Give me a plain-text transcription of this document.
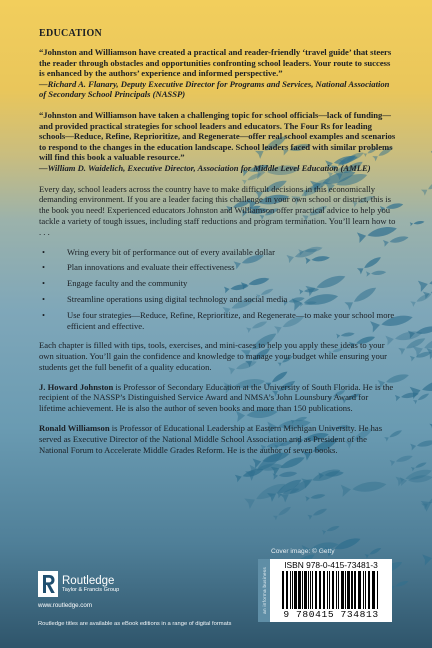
EDUCATION
“Johnston and Williamson have created a practical and reader-friendly ‘travel guide’ that steers the reader through obstacles and opportunities confronting school leaders. Your route to success is enhanced by the authors’ experience and informed perspective.”
—Richard A. Flanary, Deputy Executive Director for Programs and Services, National Association of Secondary School Principals (NASSP)
“Johnston and Williamson have taken a challenging topic for school officials—lack of funding—and provided practical strategies for school leaders and educators. The Four Rs for leading schools—Reduce, Refine, Reprioritize, and Regenerate—offer real school examples and scenarios to respond to the changes in the education landscape. School leaders faced with similar problems will find this book a valuable resource.”
—William D. Waidelich, Executive Director, Association for Middle Level Education (AMLE)

Every day, school leaders across the country have to make difficult decisions in this economically demanding environment. If you are a leader facing this challenge in your own school or district, this is the book you need! Experienced educators Johnston and Williamson offer practical advice to help you tackle a variety of tough issues, including staff reductions and program termination. You’ll learn how to . . .

•	Wring every bit of performance out of every available dollar
•	Plan innovations and evaluate their effectiveness
•	Engage faculty and the community
•	Streamline operations using digital technology and social media
•	Use four strategies—Reduce, Refine, Reprioritize, and Regenerate—to make your school more efficient and effective.

Each chapter is filled with tips, tools, exercises, and mini-cases to help you apply these ideas to your own situation. You’ll gain the confidence and knowledge to manage your budget while ensuring your students get the full benefit of a quality education.

J. Howard Johnston is Professor of Secondary Education at the University of South Florida. He is the recipient of the NASSP’s Distinguished Service Award and NMSA’s John Lounsbury Award for lifetime achievement. He is also the author of seven books and more than 150 publications.

Ronald Williamson is Professor of Educational Leadership at Eastern Michigan University. He has served as Executive Director of the National Middle School Association and as President of the National Forum to Accelerate Middle Grades Reform. He is the author of seven books.

Cover image: © Getty
an informa business
ISBN 978-0-415-73481-3
9 780415 734813
Routledge
Taylor & Francis Group
www.routledge.com
Routledge titles are available as eBook editions in a range of digital formats
